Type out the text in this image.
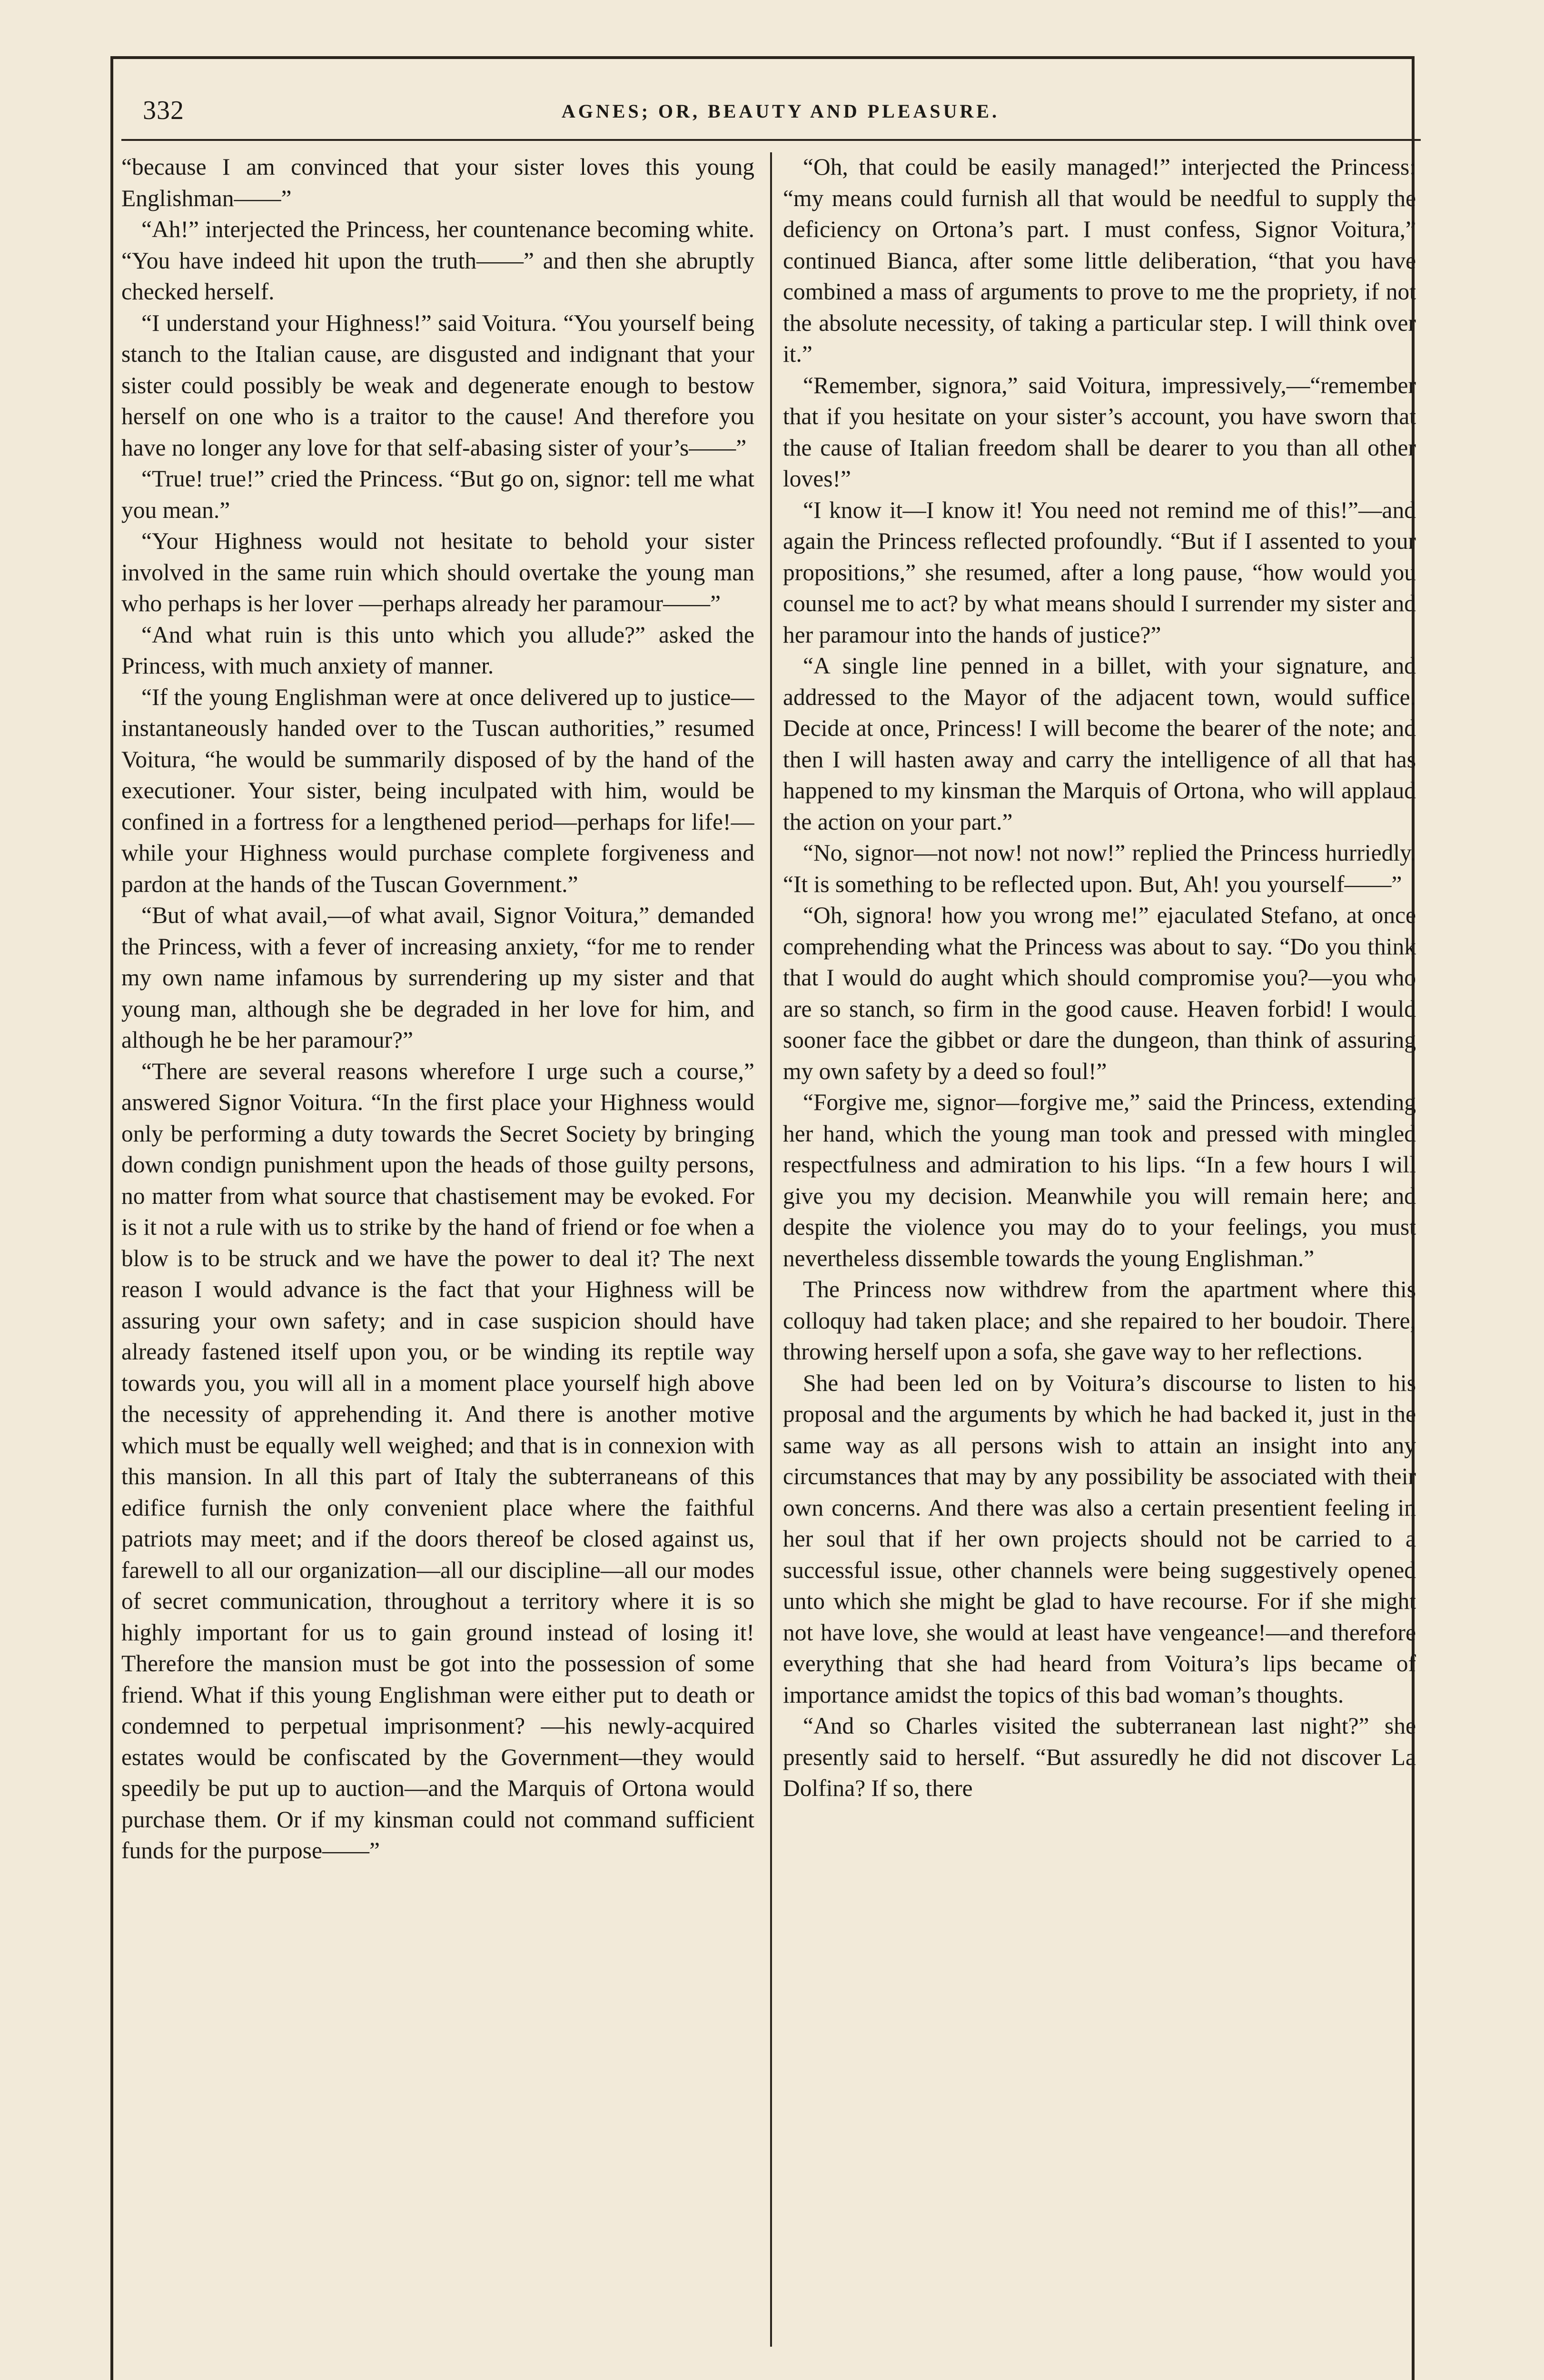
332	AGNES; OR, BEAUTY AND PLEASURE.

“because I am convinced that your sister loves this young Englishman——”

“Ah!” interjected the Princess, her countenance becoming white. “You have indeed hit upon the truth——” and then she abruptly checked herself.

“I understand your Highness!” said Voitura. “You yourself being stanch to the Italian cause, are disgusted and indignant that your sister could possibly be weak and degenerate enough to bestow herself on one who is a traitor to the cause! And therefore you have no longer any love for that self-abasing sister of your’s——”

“True! true!” cried the Princess. “But go on, signor: tell me what you mean.”

“Your Highness would not hesitate to behold your sister involved in the same ruin which should overtake the young man who perhaps is her lover —perhaps already her paramour——”

“And what ruin is this unto which you allude?” asked the Princess, with much anxiety of manner.

“If the young Englishman were at once delivered up to justice—instantaneously handed over to the Tuscan authorities,” resumed Voitura, “he would be summarily disposed of by the hand of the executioner. Your sister, being inculpated with him, would be confined in a fortress for a lengthened period—perhaps for life!—while your Highness would purchase complete forgiveness and pardon at the hands of the Tuscan Government.”

“But of what avail,—of what avail, Signor Voitura,” demanded the Princess, with a fever of increasing anxiety, “for me to render my own name infamous by surrendering up my sister and that young man, although she be degraded in her love for him, and although he be her paramour?”

“There are several reasons wherefore I urge such a course,” answered Signor Voitura. “In the first place your Highness would only be performing a duty towards the Secret Society by bringing down condign punishment upon the heads of those guilty persons, no matter from what source that chastisement may be evoked. For is it not a rule with us to strike by the hand of friend or foe when a blow is to be struck and we have the power to deal it? The next reason I would advance is the fact that your Highness will be assuring your own safety; and in case suspicion should have already fastened itself upon you, or be winding its reptile way towards you, you will all in a moment place yourself high above the necessity of apprehending it. And there is another motive which must be equally well weighed; and that is in connexion with this mansion. In all this part of Italy the subterraneans of this edifice furnish the only convenient place where the faithful patriots may meet; and if the doors thereof be closed against us, farewell to all our organization—all our discipline—all our modes of secret communication, throughout a territory where it is so highly important for us to gain ground instead of losing it! Therefore the mansion must be got into the possession of some friend. What if this young Englishman were either put to death or condemned to perpetual imprisonment? —his newly-acquired estates would be confiscated by the Government—they would speedily be put up to auction—and the Marquis of Ortona would purchase them. Or if my kinsman could not command sufficient funds for the purpose——”

“Oh, that could be easily managed!” interjected the Princess: “my means could furnish all that would be needful to supply the deficiency on Ortona’s part. I must confess, Signor Voitura,” continued Bianca, after some little deliberation, “that you have combined a mass of arguments to prove to me the propriety, if not the absolute necessity, of taking a particular step. I will think over it.”

“Remember, signora,” said Voitura, impressively,—“remember that if you hesitate on your sister’s account, you have sworn that the cause of Italian freedom shall be dearer to you than all other loves!”

“I know it—I know it! You need not remind me of this!”—and again the Princess reflected profoundly. “But if I assented to your propositions,” she resumed, after a long pause, “how would you counsel me to act? by what means should I surrender my sister and her paramour into the hands of justice?”

“A single line penned in a billet, with your signature, and addressed to the Mayor of the adjacent town, would suffice. Decide at once, Princess! I will become the bearer of the note; and then I will hasten away and carry the intelligence of all that has happened to my kinsman the Marquis of Ortona, who will applaud the action on your part.”

“No, signor—not now! not now!” replied the Princess hurriedly. “It is something to be reflected upon. But, Ah! you yourself——”

“Oh, signora! how you wrong me!” ejaculated Stefano, at once comprehending what the Princess was about to say. “Do you think that I would do aught which should compromise you?—you who are so stanch, so firm in the good cause. Heaven forbid! I would sooner face the gibbet or dare the dungeon, than think of assuring my own safety by a deed so foul!”

“Forgive me, signor—forgive me,” said the Princess, extending her hand, which the young man took and pressed with mingled respectfulness and admiration to his lips. “In a few hours I will give you my decision. Meanwhile you will remain here; and despite the violence you may do to your feelings, you must nevertheless dissemble towards the young Englishman.”

The Princess now withdrew from the apartment where this colloquy had taken place; and she repaired to her boudoir. There, throwing herself upon a sofa, she gave way to her reflections.

She had been led on by Voitura’s discourse to listen to his proposal and the arguments by which he had backed it, just in the same way as all persons wish to attain an insight into any circumstances that may by any possibility be associated with their own concerns. And there was also a certain presentient feeling in her soul that if her own projects should not be carried to a successful issue, other channels were being suggestively opened unto which she might be glad to have recourse. For if she might not have love, she would at least have vengeance!—and therefore everything that she had heard from Voitura’s lips became of importance amidst the topics of this bad woman’s thoughts.

“And so Charles visited the subterranean last night?” she presently said to herself. “But assuredly he did not discover La Dolfina? If so, there
